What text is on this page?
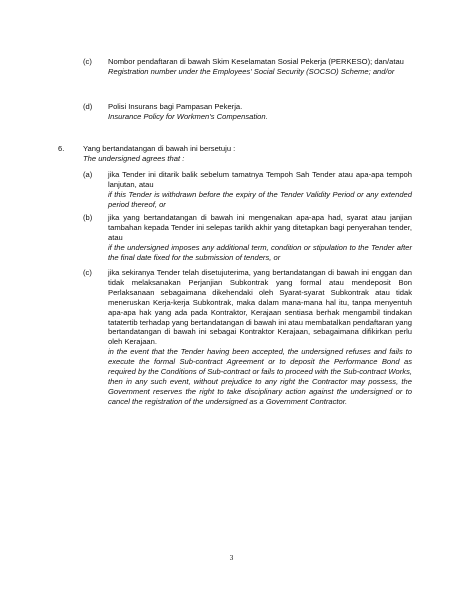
(c) Nombor pendaftaran di bawah Skim Keselamatan Sosial Pekerja (PERKESO); dan/atau
Registration number under the Employees' Social Security (SOCSO) Scheme; and/or
(d) Polisi Insurans bagi Pampasan Pekerja.
Insurance Policy for Workmen's Compensation.
6. Yang bertandatangan di bawah ini bersetuju :
The undersigned agrees that :
(a) jika Tender ini ditarik balik sebelum tamatnya Tempoh Sah Tender atau apa-apa tempoh lanjutan, atau
if this Tender is withdrawn before the expiry of the Tender Validity Period or any extended period thereof, or
(b) jika yang bertandatangan di bawah ini mengenakan apa-apa had, syarat atau janjian tambahan kepada Tender ini selepas tarikh akhir yang ditetapkan bagi penyerahan tender, atau
if the undersigned imposes any additional term, condition or stipulation to the Tender after the final date fixed for the submission of tenders, or
(c) jika sekiranya Tender telah disetujuterima, yang bertandatangan di bawah ini enggan dan tidak melaksanakan Perjanjian Subkontrak yang formal atau mendeposit Bon Perlaksanaan sebagaimana dikehendaki oleh Syarat-syarat Subkontrak atau tidak meneruskan Kerja-kerja Subkontrak, maka dalam mana-mana hal itu, tanpa menyentuh apa-apa hak yang ada pada Kontraktor, Kerajaan sentiasa berhak mengambil tindakan tatatertib terhadap yang bertandatangan di bawah ini atau membatalkan pendaftaran yang bertandatangan di bawah ini sebagai Kontraktor Kerajaan, sebagaimana difikirkan perlu oleh Kerajaan.
in the event that the Tender having been accepted, the undersigned refuses and fails to execute the formal Sub-contract Agreement or to deposit the Performance Bond as required by the Conditions of Sub-contract or fails to proceed with the Sub-contract Works, then in any such event, without prejudice to any right the Contractor may possess, the Government reserves the right to take disciplinary action against the undersigned or to cancel the registration of the undersigned as a Government Contractor.
3
